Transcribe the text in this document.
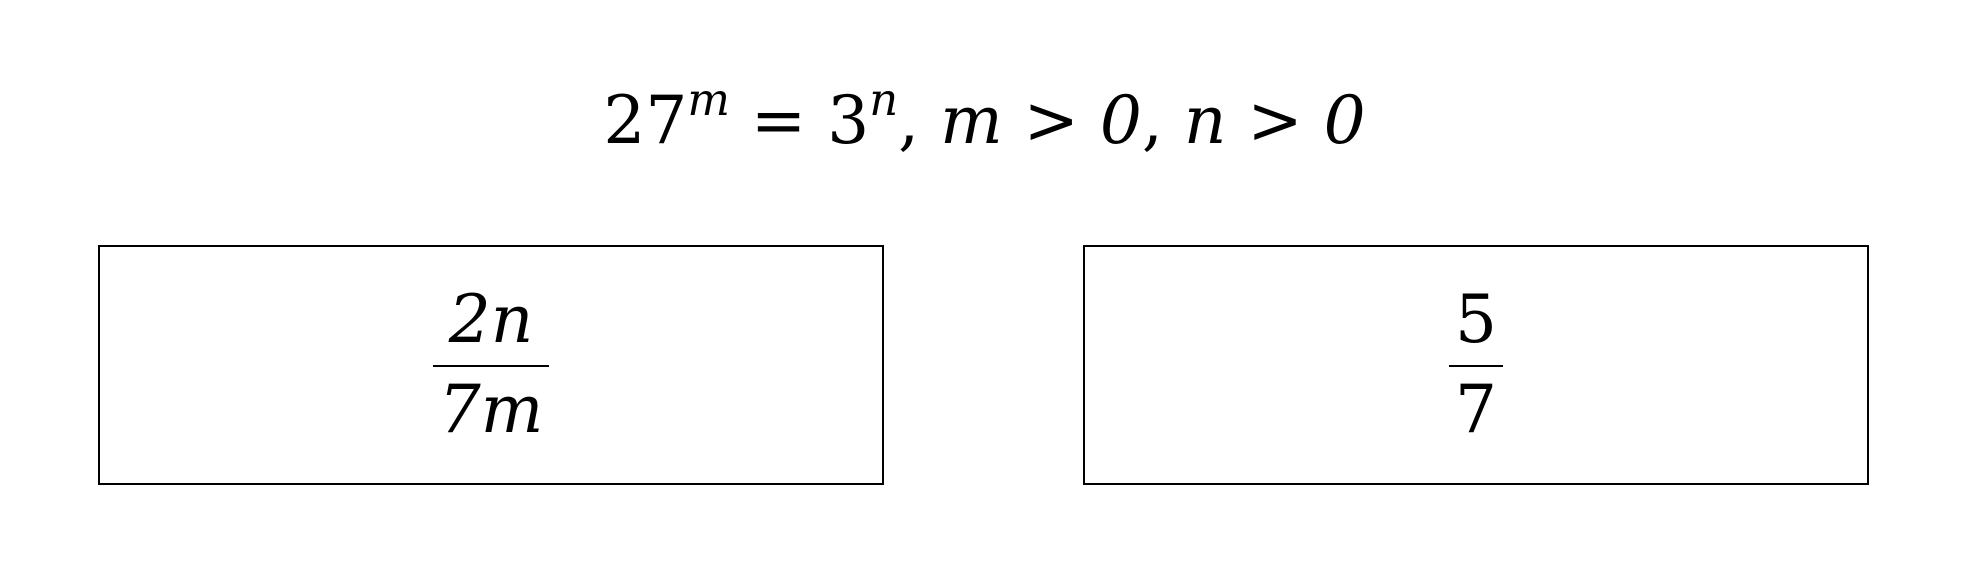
$27^m = 3^n$, m > 0, n > 0
$\frac{2n}{7m}$	$\frac{5}{7}$
